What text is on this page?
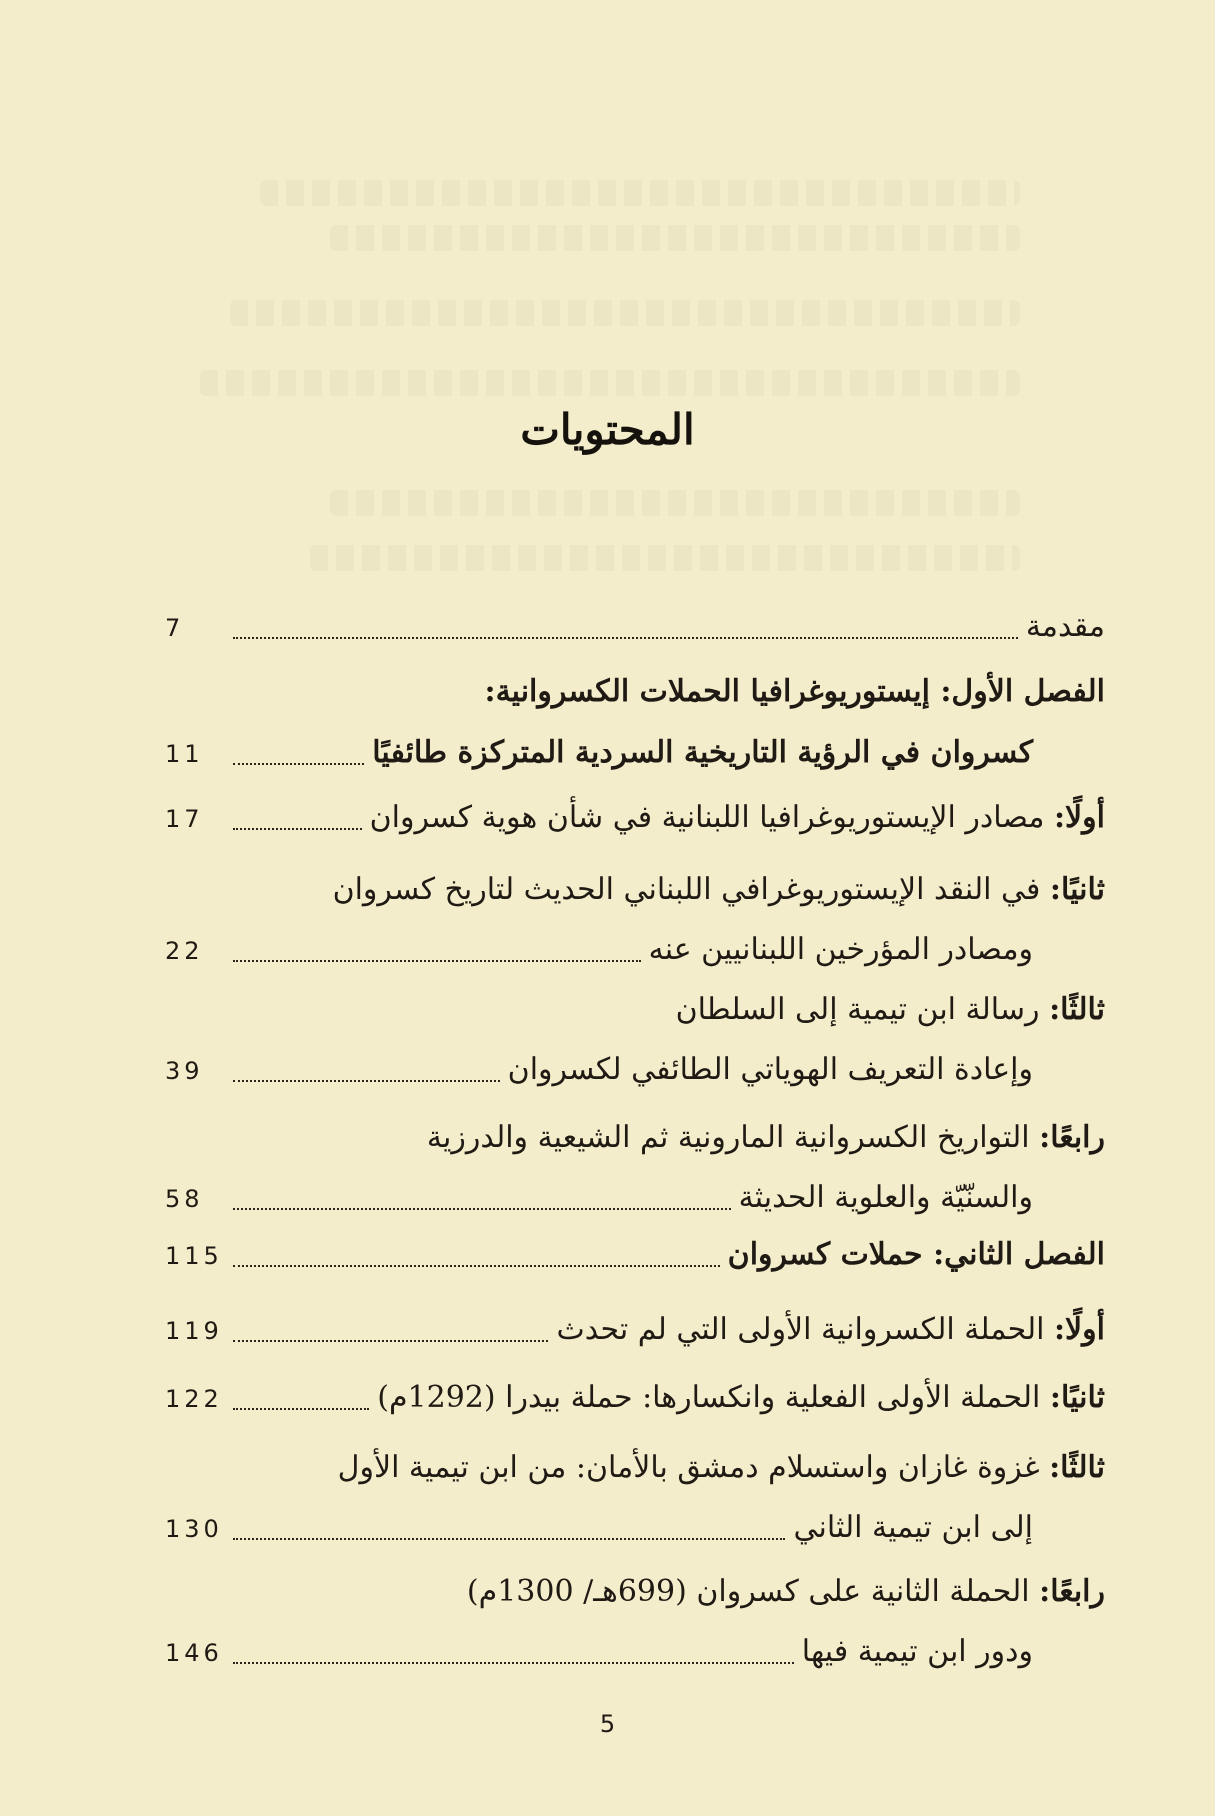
المحتويات
مقدمة
7
الفصل الأول: إيستوريوغرافيا الحملات الكسروانية:
كسروان في الرؤية التاريخية السردية المتركزة طائفيًا
11
أولًا: مصادر الإيستوريوغرافيا اللبنانية في شأن هوية كسروان
17
ثانيًا: في النقد الإيستوريوغرافي اللبناني الحديث لتاريخ كسروان
ومصادر المؤرخين اللبنانيين عنه
22
ثالثًا: رسالة ابن تيمية إلى السلطان
وإعادة التعريف الهوياتي الطائفي لكسروان
39
رابعًا: التواريخ الكسروانية المارونية ثم الشيعية والدرزية
والسنّيّة والعلوية الحديثة
58
الفصل الثاني: حملات كسروان
115
أولًا: الحملة الكسروانية الأولى التي لم تحدث
119
ثانيًا: الحملة الأولى الفعلية وانكسارها: حملة بيدرا (1292م)
122
ثالثًا: غزوة غازان واستسلام دمشق بالأمان: من ابن تيمية الأول
إلى ابن تيمية الثاني
130
رابعًا: الحملة الثانية على كسروان (699هـ/ 1300م)
ودور ابن تيمية فيها
146
5
